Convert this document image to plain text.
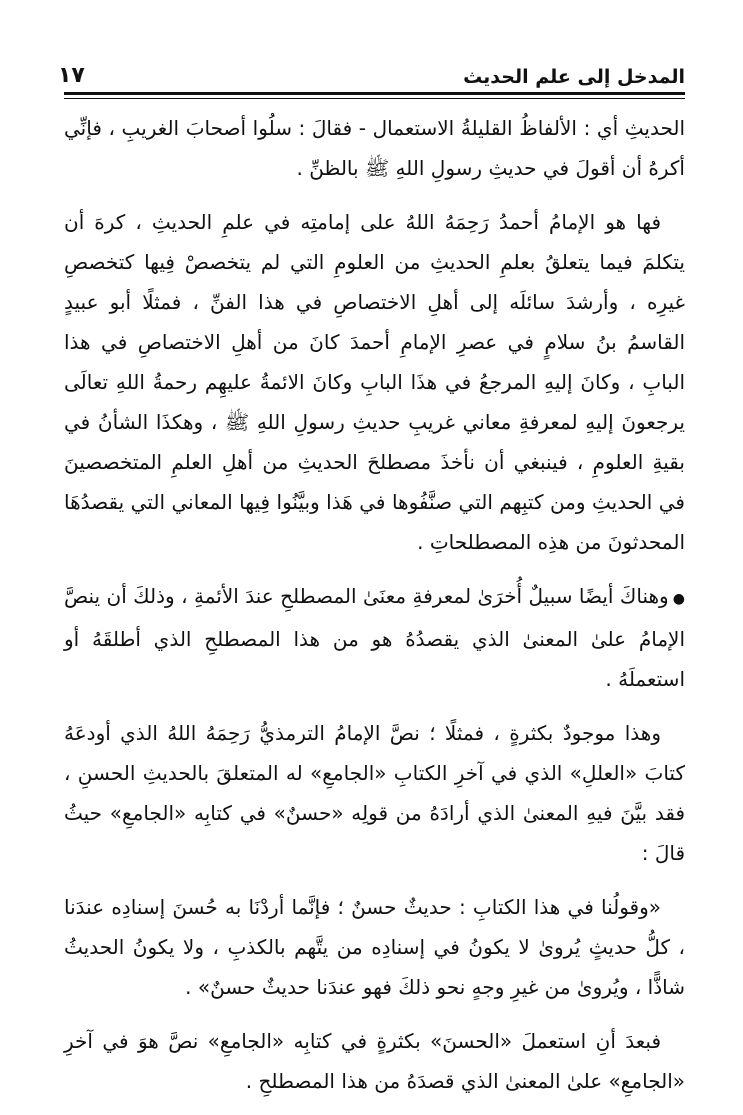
المدخل إلى علم الحديث
١٧

الحديثِ أي : الألفاظُ القليلةُ الاستعمال - فقالَ : سلُوا أصحابَ الغريبِ ، فإنِّي أكرهُ أن أقولَ في حديثِ رسولِ اللهِ ﷺ بالظنِّ .

فها هو الإمامُ أحمدُ رَحِمَهُ اللهُ على إمامتِه في علمِ الحديثِ ، كرهَ أن يتكلمَ فيما يتعلقُ بعلمِ الحديثِ من العلومِ التي لم يتخصصْ فِيها كتخصصِ غيرِه ، وأرشدَ سائلَه إلى أهلِ الاختصاصِ في هذا الفنِّ ، فمثلًا أبو عبيدٍ القاسمُ بنُ سلامٍ في عصرِ الإمامِ أحمدَ كانَ من أهلِ الاختصاصِ في هذا البابِ ، وكانَ إليهِ المرجعُ في هذَا البابِ وكانَ الائمةُ عليهِم رحمةُ اللهِ تعالَى يرجعونَ إليهِ لمعرفةِ معاني غريبِ حديثِ رسولِ اللهِ ﷺ ، وهكذَا الشأنُ في بقيةِ العلومِ ، فينبغي أن نأخذَ مصطلحَ الحديثِ من أهلِ العلمِ المتخصصينَ في الحديثِ ومن كتبِهم التي صنَّفُوها في هَذا وبيَّنُوا فِيها المعاني التي يقصدُهَا المحدثونَ من هذِه المصطلحاتِ .

●وهناكَ أيضًا سبيلٌ أُخرَىٰ لمعرفةِ معنَىٰ المصطلحِ عندَ الأئمةِ ، وذلكَ أن ينصَّ الإمامُ علىٰ المعنىٰ الذي يقصدُهُ هو من هذا المصطلحِ الذي أطلقَهُ أو استعملَهُ .

وهذا موجودٌ بكثرةٍ ، فمثلًا ؛ نصَّ الإمامُ الترمذيُّ رَحِمَهُ اللهُ الذي أودعَهُ كتابَ «العللِ» الذي في آخرِ الكتابِ «الجامعِ» له المتعلقَ بالحديثِ الحسنِ ، فقد بيَّنَ فيهِ المعنىٰ الذي أرادَهُ من قولِه «حسنٌ» في كتابِه «الجامعِ» حيثُ قالَ :

«وقولُنا في هذا الكتابِ : حديثٌ حسنٌ ؛ فإنَّما أردْنَا به حُسنَ إسنادِه عندَنا ، كلُّ حديثٍ يُروىٰ لا يكونُ في إسنادِه من يتَّهم بالكذبِ ، ولا يكونُ الحديثُ شاذًّا ، ويُروىٰ من غيرِ وجهٍ نحو ذلكَ فهو عندَنا حديثٌ حسنٌ» .

فبعدَ أنِ استعملَ «الحسنَ» بكثرةٍ في كتابِه «الجامعِ» نصَّ هوَ في آخرِ «الجامعِ» علىٰ المعنىٰ الذي قصدَهُ من هذا المصطلحِ .
